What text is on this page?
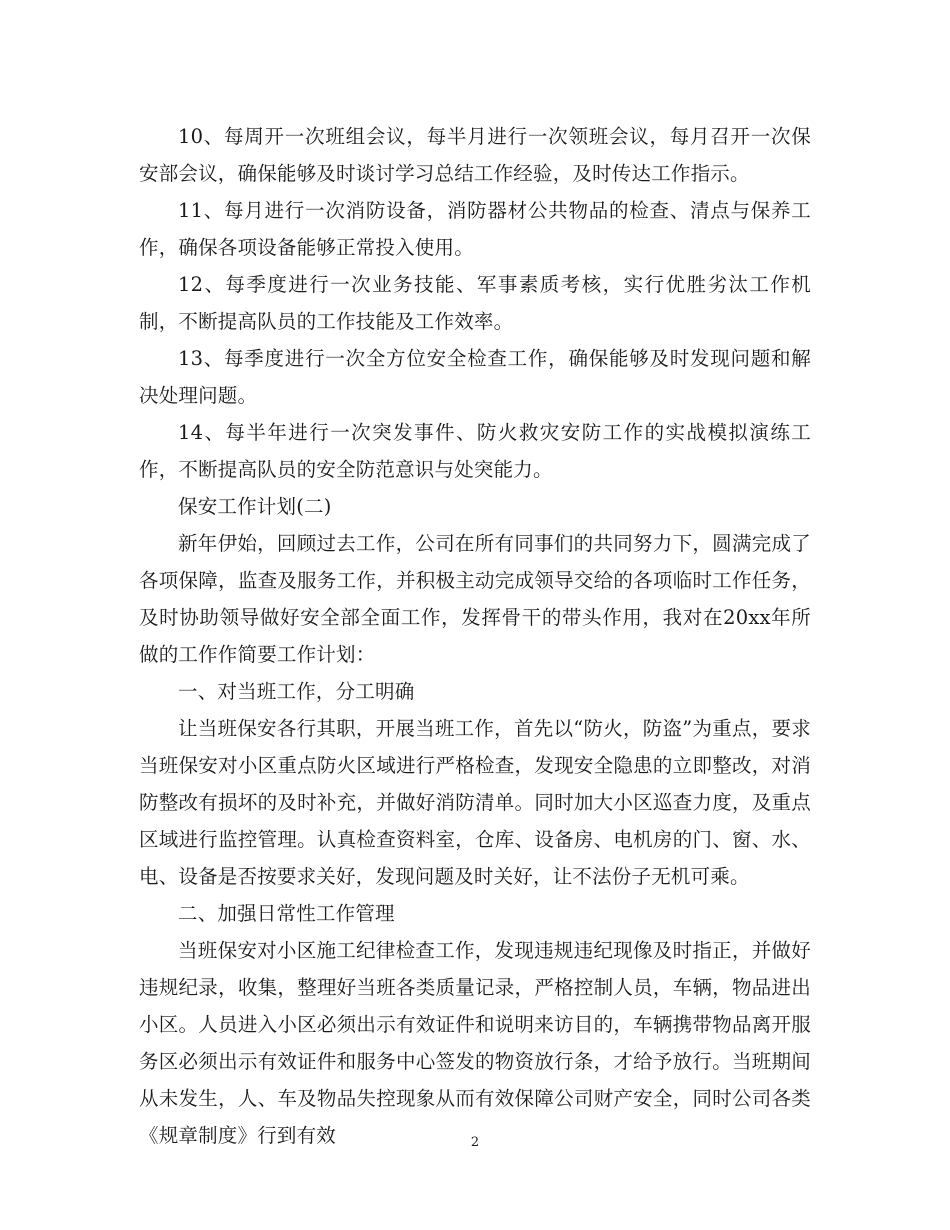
10、每周开一次班组会议，每半月进行一次领班会议，每月召开一次保安部会议，确保能够及时谈讨学习总结工作经验，及时传达工作指示。

11、每月进行一次消防设备，消防器材公共物品的检查、清点与保养工作，确保各项设备能够正常投入使用。

12、每季度进行一次业务技能、军事素质考核，实行优胜劣汰工作机制，不断提高队员的工作技能及工作效率。

13、每季度进行一次全方位安全检查工作，确保能够及时发现问题和解决处理问题。

14、每半年进行一次突发事件、防火救灾安防工作的实战模拟演练工作，不断提高队员的安全防范意识与处突能力。

保安工作计划(二)

新年伊始，回顾过去工作，公司在所有同事们的共同努力下，圆满完成了各项保障，监查及服务工作，并积极主动完成领导交给的各项临时工作任务，及时协助领导做好安全部全面工作，发挥骨干的带头作用，我对在20xx年所做的工作作简要工作计划：

一、对当班工作，分工明确

让当班保安各行其职，开展当班工作，首先以“防火，防盗”为重点，要求当班保安对小区重点防火区域进行严格检查，发现安全隐患的立即整改，对消防整改有损坏的及时补充，并做好消防清单。同时加大小区巡查力度，及重点区域进行监控管理。认真检查资料室，仓库、设备房、电机房的门、窗、水、电、设备是否按要求关好，发现问题及时关好，让不法份子无机可乘。

二、加强日常性工作管理

当班保安对小区施工纪律检查工作，发现违规违纪现像及时指正，并做好违规纪录，收集，整理好当班各类质量记录，严格控制人员，车辆，物品进出小区。人员进入小区必须出示有效证件和说明来访目的，车辆携带物品离开服务区必须出示有效证件和服务中心签发的物资放行条，才给予放行。当班期间从未发生，人、车及物品失控现象从而有效保障公司财产安全，同时公司各类《规章制度》行到有效	2
